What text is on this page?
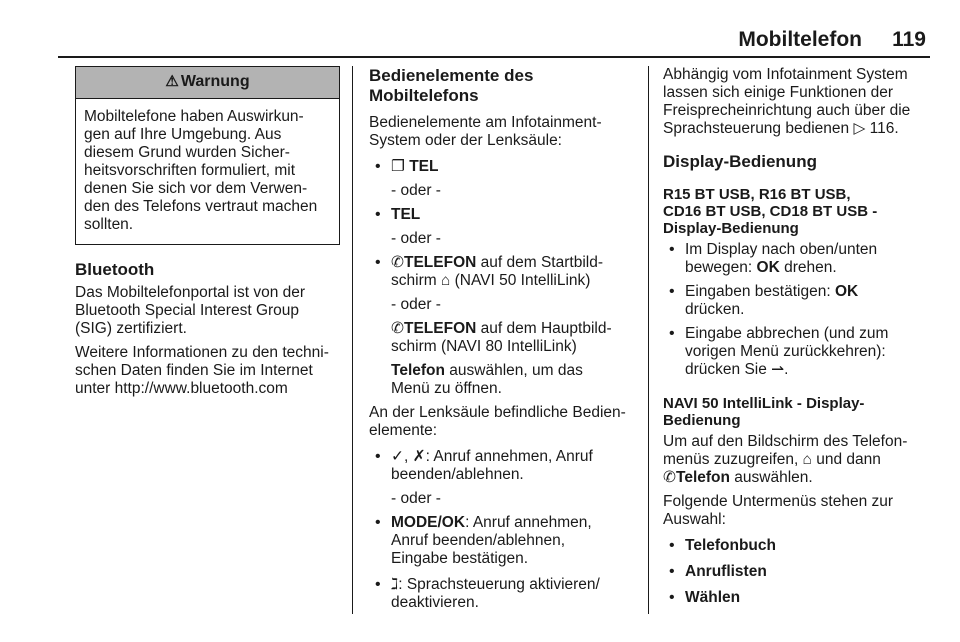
Mobiltelefon 119
⚠ Warnung
Mobiltelefone haben Auswirkun-
gen auf Ihre Umgebung. Aus
diesem Grund wurden Sicher-
heitsvorschriften formuliert, mit
denen Sie sich vor dem Verwen-
den des Telefons vertraut machen
sollten.
Bluetooth

Das Mobiltelefonportal ist von der
Bluetooth Special Interest Group
(SIG) zertifiziert.

Weitere Informationen zu den techni-
schen Daten finden Sie im Internet
unter http://www.bluetooth.com

Bedienelemente des
Mobiltelefons

Bedienelemente am Infotainment-
System oder der Lenksäule:

• ❐ TEL
- oder -
• TEL
- oder -
• ✆TELEFON auf dem Startbild-
schirm ⌂ (NAVI 50 IntelliLink)
- oder -
✆TELEFON auf dem Hauptbild-
schirm (NAVI 80 IntelliLink)
Telefon auswählen, um das
Menü zu öffnen.

An der Lenksäule befindliche Bedien-
elemente:

• ✓, ✗: Anruf annehmen, Anruf
beenden/ablehnen.
- oder -
• MODE/OK: Anruf annehmen,
Anruf beenden/ablehnen,
Eingabe bestätigen.
• ℷ: Sprachsteuerung aktivieren/
deaktivieren.

Abhängig vom Infotainment System
lassen sich einige Funktionen der
Freisprecheinrichtung auch über die
Sprachsteuerung bedienen ▷ 116.

Display-Bedienung
R15 BT USB, R16 BT USB,
CD16 BT USB, CD18 BT USB -
Display-Bedienung
• Im Display nach oben/unten
bewegen: OK drehen.
• Eingaben bestätigen: OK
drücken.
• Eingabe abbrechen (und zum
vorigen Menü zurückkehren):
drücken Sie ⇀.
NAVI 50 IntelliLink - Display-
Bedienung

Um auf den Bildschirm des Telefon-
menüs zuzugreifen, ⌂ und dann
✆Telefon auswählen.

Folgende Untermenüs stehen zur
Auswahl:

• Telefonbuch
• Anruflisten
• Wählen
